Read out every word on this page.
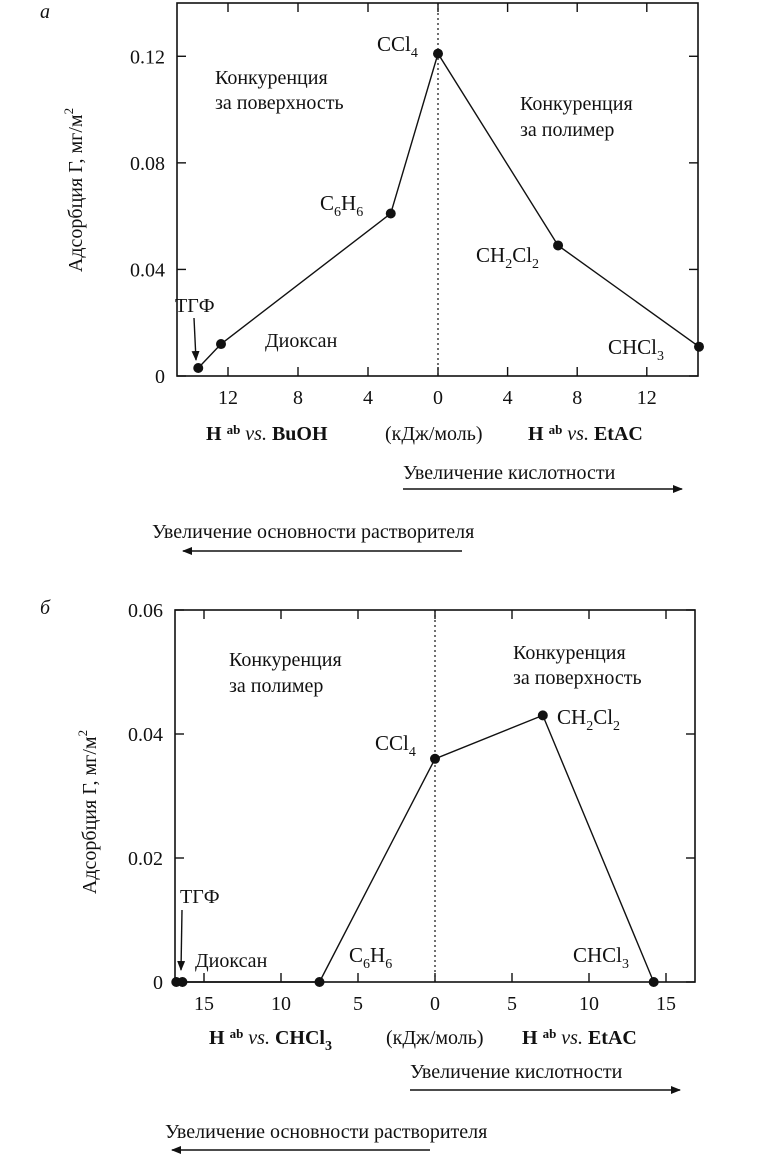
a
0
0.04
0.08
0.12
12	8	4	0	4	8	12
Адсорбция Г, $мг/м^2$
ТГФ
Диоксан
$C_6H_6$
CCl$_4$
$CH_2Cl_2$
CHCl$_3$
Конкуренция за поверхность	Конкуренция за полимер
H $^{ab}$ vs. BuOH	(кДж/моль) H $^{ab}$ vs. EtAC
Увеличение кислотности
Увеличение основности растворителя
б
0
0.02
0.04
0.06
15	10	5	0	5	10	15
Адсорбция Г, $мг/м^2$
ТГФ
Диоксан	$C_6H_6$
CCl$_4$
$CH_2Cl_2$
CHCl$_3$
Конкуренция за полимер
Конкуренция за поверхность
H $^{ab}$ vs. CHCl$_3$	(кДж/моль) H $^{ab}$ vs. EtAC
Увеличение кислотности
Увеличение основности растворителя
